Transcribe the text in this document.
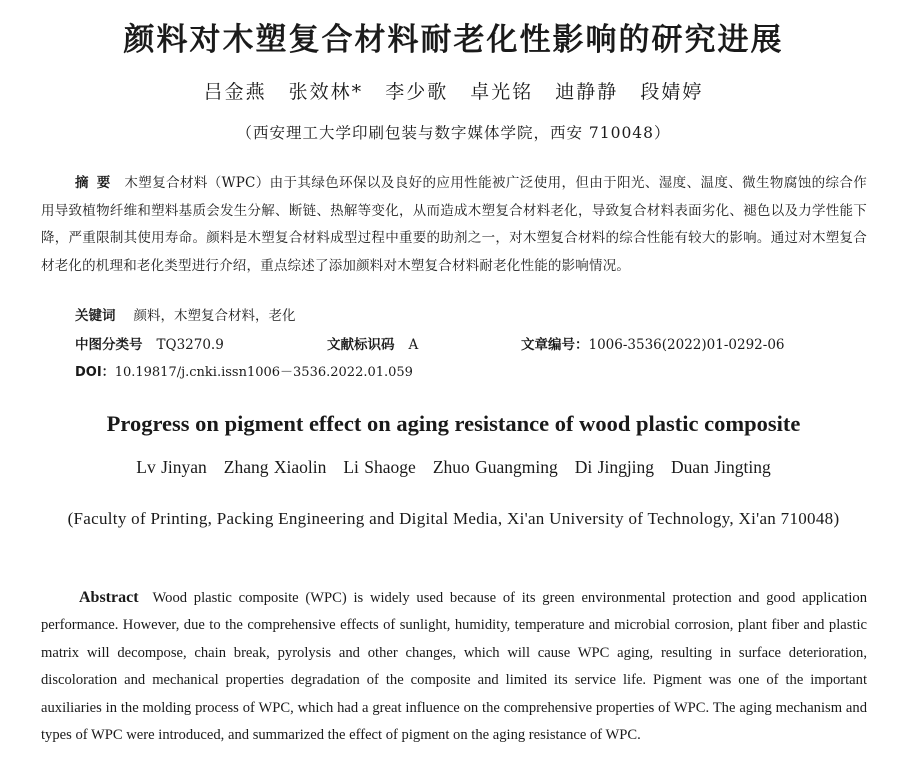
颜料对木塑复合材料耐老化性影响的研究进展
吕金燕 张效林* 李少歌 卓光铭 迪静静 段婧婷
（西安理工大学印刷包装与数字媒体学院，西安 710048）
摘要 木塑复合材料（WPC）由于其绿色环保以及良好的应用性能被广泛使用，但由于阳光、湿度、温度、微生物腐蚀的综合作用导致植物纤维和塑料基质会发生分解、断链、热解等变化，从而造成木塑复合材料老化，导致复合材料表面劣化、褪色以及力学性能下降，严重限制其使用寿命。颜料是木塑复合材料成型过程中重要的助剂之一，对木塑复合材料的综合性能有较大的影响。通过对木塑复合材老化的机理和老化类型进行介绍，重点综述了添加颜料对木塑复合材料耐老化性能的影响情况。
关键词 颜料，木塑复合材料，老化
中图分类号 TQ3270.9	文献标识码 A	文章编号：1006-3536(2022)01-0292-06
DOI：10.19817/j.cnki.issn1006－3536.2022.01.059
Progress on pigment effect on aging resistance of wood plastic composite
Lv Jinyan Zhang Xiaolin Li Shaoge Zhuo Guangming Di Jingjing Duan Jingting
(Faculty of Printing, Packing Engineering and Digital Media, Xi'an University of Technology, Xi'an 710048)
Abstract Wood plastic composite (WPC) is widely used because of its green environmental protection and good application performance. However, due to the comprehensive effects of sunlight, humidity, temperature and microbial corrosion, plant fiber and plastic matrix will decompose, chain break, pyrolysis and other changes, which will cause WPC aging, resulting in surface deterioration, discoloration and mechanical properties degradation of the composite and limited its service life. Pigment was one of the important auxiliaries in the molding process of WPC, which had a great influence on the comprehensive properties of WPC. The aging mechanism and types of WPC were introduced, and summarized the effect of pigment on the aging resistance of WPC.
